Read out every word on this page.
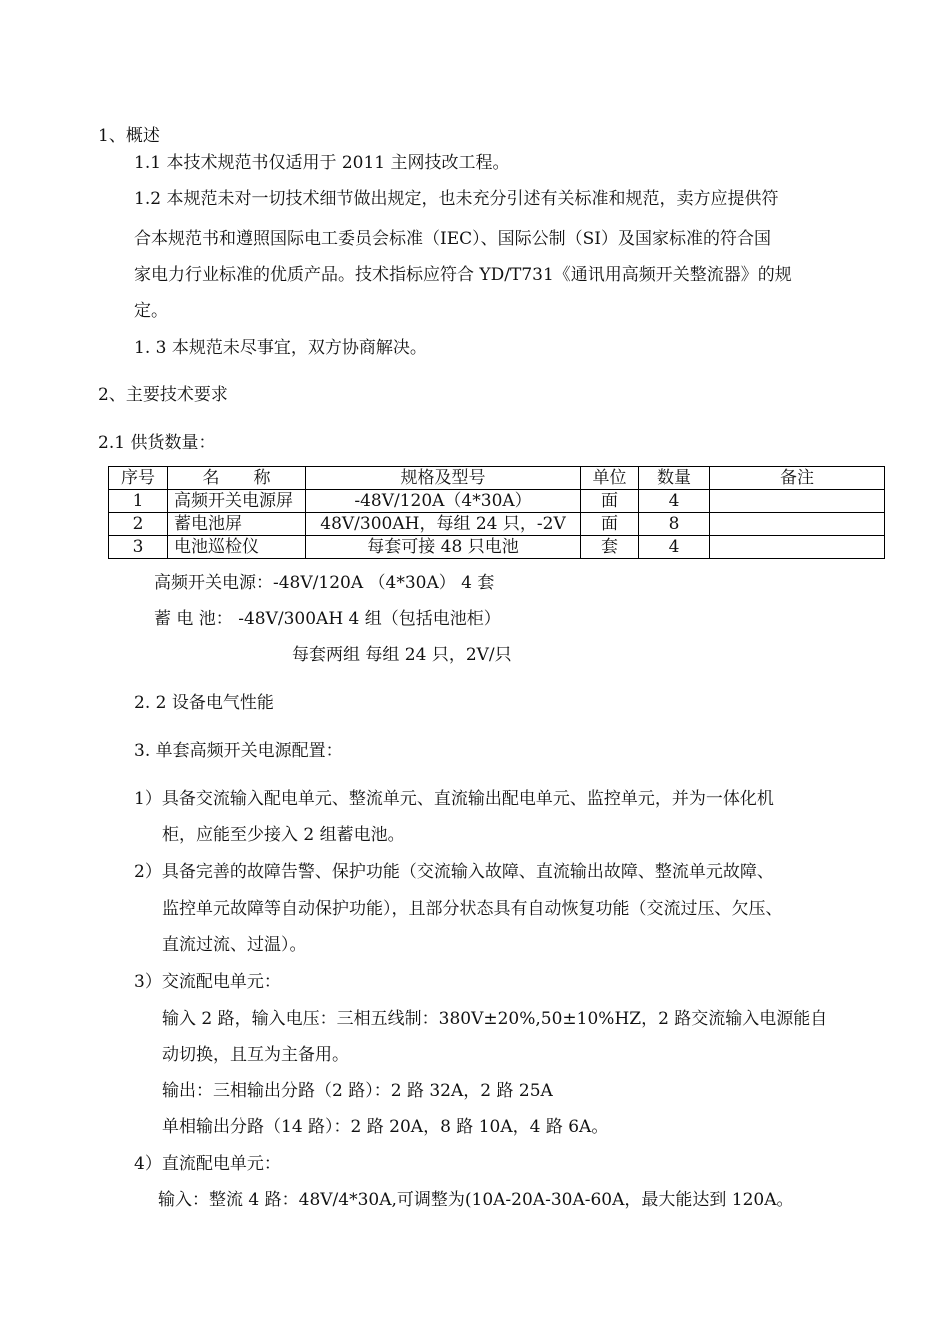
1、概述
1.1 本技术规范书仅适用于 2011 主网技改工程。
1.2 本规范未对一切技术细节做出规定，也未充分引述有关标准和规范，卖方应提供符
合本规范书和遵照国际电工委员会标准（IEC）、国际公制（SI）及国家标准的符合国
家电力行业标准的优质产品。技术指标应符合 YD/T731《通讯用高频开关整流器》的规
定。
1. 3 本规范未尽事宜，双方协商解决。
2、主要技术要求
2.1 供货数量：
序号	名　　称	规格及型号	单位	数量	备注
1	高频开关电源屏	-48V/120A（4*30A）	面	4	
2	蓄电池屏	48V/300AH，每组 24 只，-2V	面	8	
3	电池巡检仪	每套可接 48 只电池	套	4	
高频开关电源：-48V/120A （4*30A） 4 套
蓄 电 池： -48V/300AH 4 组（包括电池柜）
每套两组 每组 24 只，2V/只
2. 2 设备电气性能
3. 单套高频开关电源配置：
1）具备交流输入配电单元、整流单元、直流输出配电单元、监控单元，并为一体化机
柜，应能至少接入 2 组蓄电池。
2）具备完善的故障告警、保护功能（交流输入故障、直流输出故障、整流单元故障、
监控单元故障等自动保护功能），且部分状态具有自动恢复功能（交流过压、欠压、
直流过流、过温）。
3）交流配电单元：
输入 2 路，输入电压：三相五线制：380V±20%,50±10%HZ，2 路交流输入电源能自
动切换，且互为主备用。
输出：三相输出分路（2 路）：2 路 32A，2 路 25A
单相输出分路（14 路）：2 路 20A，8 路 10A，4 路 6A。
4）直流配电单元：
输入：整流 4 路：48V/4*30A,可调整为(10A-20A-30A-60A，最大能达到 120A。
